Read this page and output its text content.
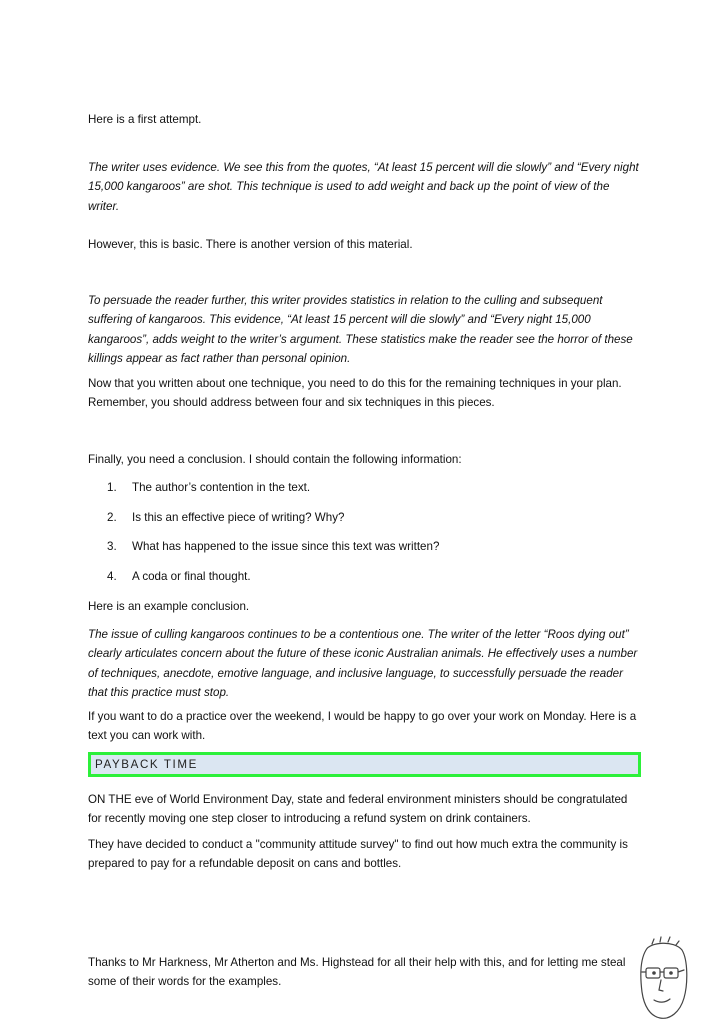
Here is a first attempt.

The writer uses evidence. We see this from the quotes, “At least 15 percent will die slowly” and “Every night 15,000 kangaroos” are shot. This technique is used to add weight and back up the point of view of the writer.

However, this is basic. There is another version of this material.

To persuade the reader further, this writer provides statistics in relation to the culling and subsequent suffering of kangaroos. This evidence, “At least 15 percent will die slowly” and “Every night 15,000 kangaroos”, adds weight to the writer’s argument. These statistics make the reader see the horror of these killings appear as fact rather than personal opinion.

Now that you written about one technique, you need to do this for the remaining techniques in your plan. Remember, you should address between four and six techniques in this pieces.

Finally, you need a conclusion. I should contain the following information:

1. The author’s contention in the text.
2. Is this an effective piece of writing? Why?
3. What has happened to the issue since this text was written?
4. A coda or final thought.

Here is an example conclusion.

The issue of culling kangaroos continues to be a contentious one. The writer of the letter “Roos dying out” clearly articulates concern about the future of these iconic Australian animals. He effectively uses a number of techniques, anecdote, emotive language, and inclusive language, to successfully persuade the reader that this practice must stop.

If you want to do a practice over the weekend, I would be happy to go over your work on Monday. Here is a text you can work with.

PAYBACK TIME

ON THE eve of World Environment Day, state and federal environment ministers should be congratulated for recently moving one step closer to introducing a refund system on drink containers.

They have decided to conduct a "community attitude survey" to find out how much extra the community is prepared to pay for a refundable deposit on cans and bottles.

Thanks to Mr Harkness, Mr Atherton and Ms. Highstead for all their help with this, and for letting me steal some of their words for the examples.
